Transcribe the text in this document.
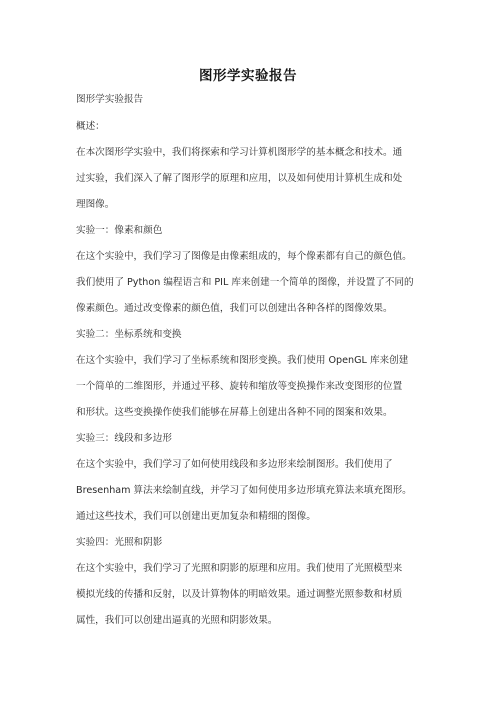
图形学实验报告
图形学实验报告
概述：
在本次图形学实验中，我们将探索和学习计算机图形学的基本概念和技术。通
过实验，我们深入了解了图形学的原理和应用，以及如何使用计算机生成和处
理图像。
实验一：像素和颜色
在这个实验中，我们学习了图像是由像素组成的，每个像素都有自己的颜色值。
我们使用了 Python 编程语言和 PIL 库来创建一个简单的图像，并设置了不同的
像素颜色。通过改变像素的颜色值，我们可以创建出各种各样的图像效果。
实验二：坐标系统和变换
在这个实验中，我们学习了坐标系统和图形变换。我们使用 OpenGL 库来创建
一个简单的二维图形，并通过平移、旋转和缩放等变换操作来改变图形的位置
和形状。这些变换操作使我们能够在屏幕上创建出各种不同的图案和效果。
实验三：线段和多边形
在这个实验中，我们学习了如何使用线段和多边形来绘制图形。我们使用了
Bresenham 算法来绘制直线，并学习了如何使用多边形填充算法来填充图形。
通过这些技术，我们可以创建出更加复杂和精细的图像。
实验四：光照和阴影
在这个实验中，我们学习了光照和阴影的原理和应用。我们使用了光照模型来
模拟光线的传播和反射，以及计算物体的明暗效果。通过调整光照参数和材质
属性，我们可以创建出逼真的光照和阴影效果。
